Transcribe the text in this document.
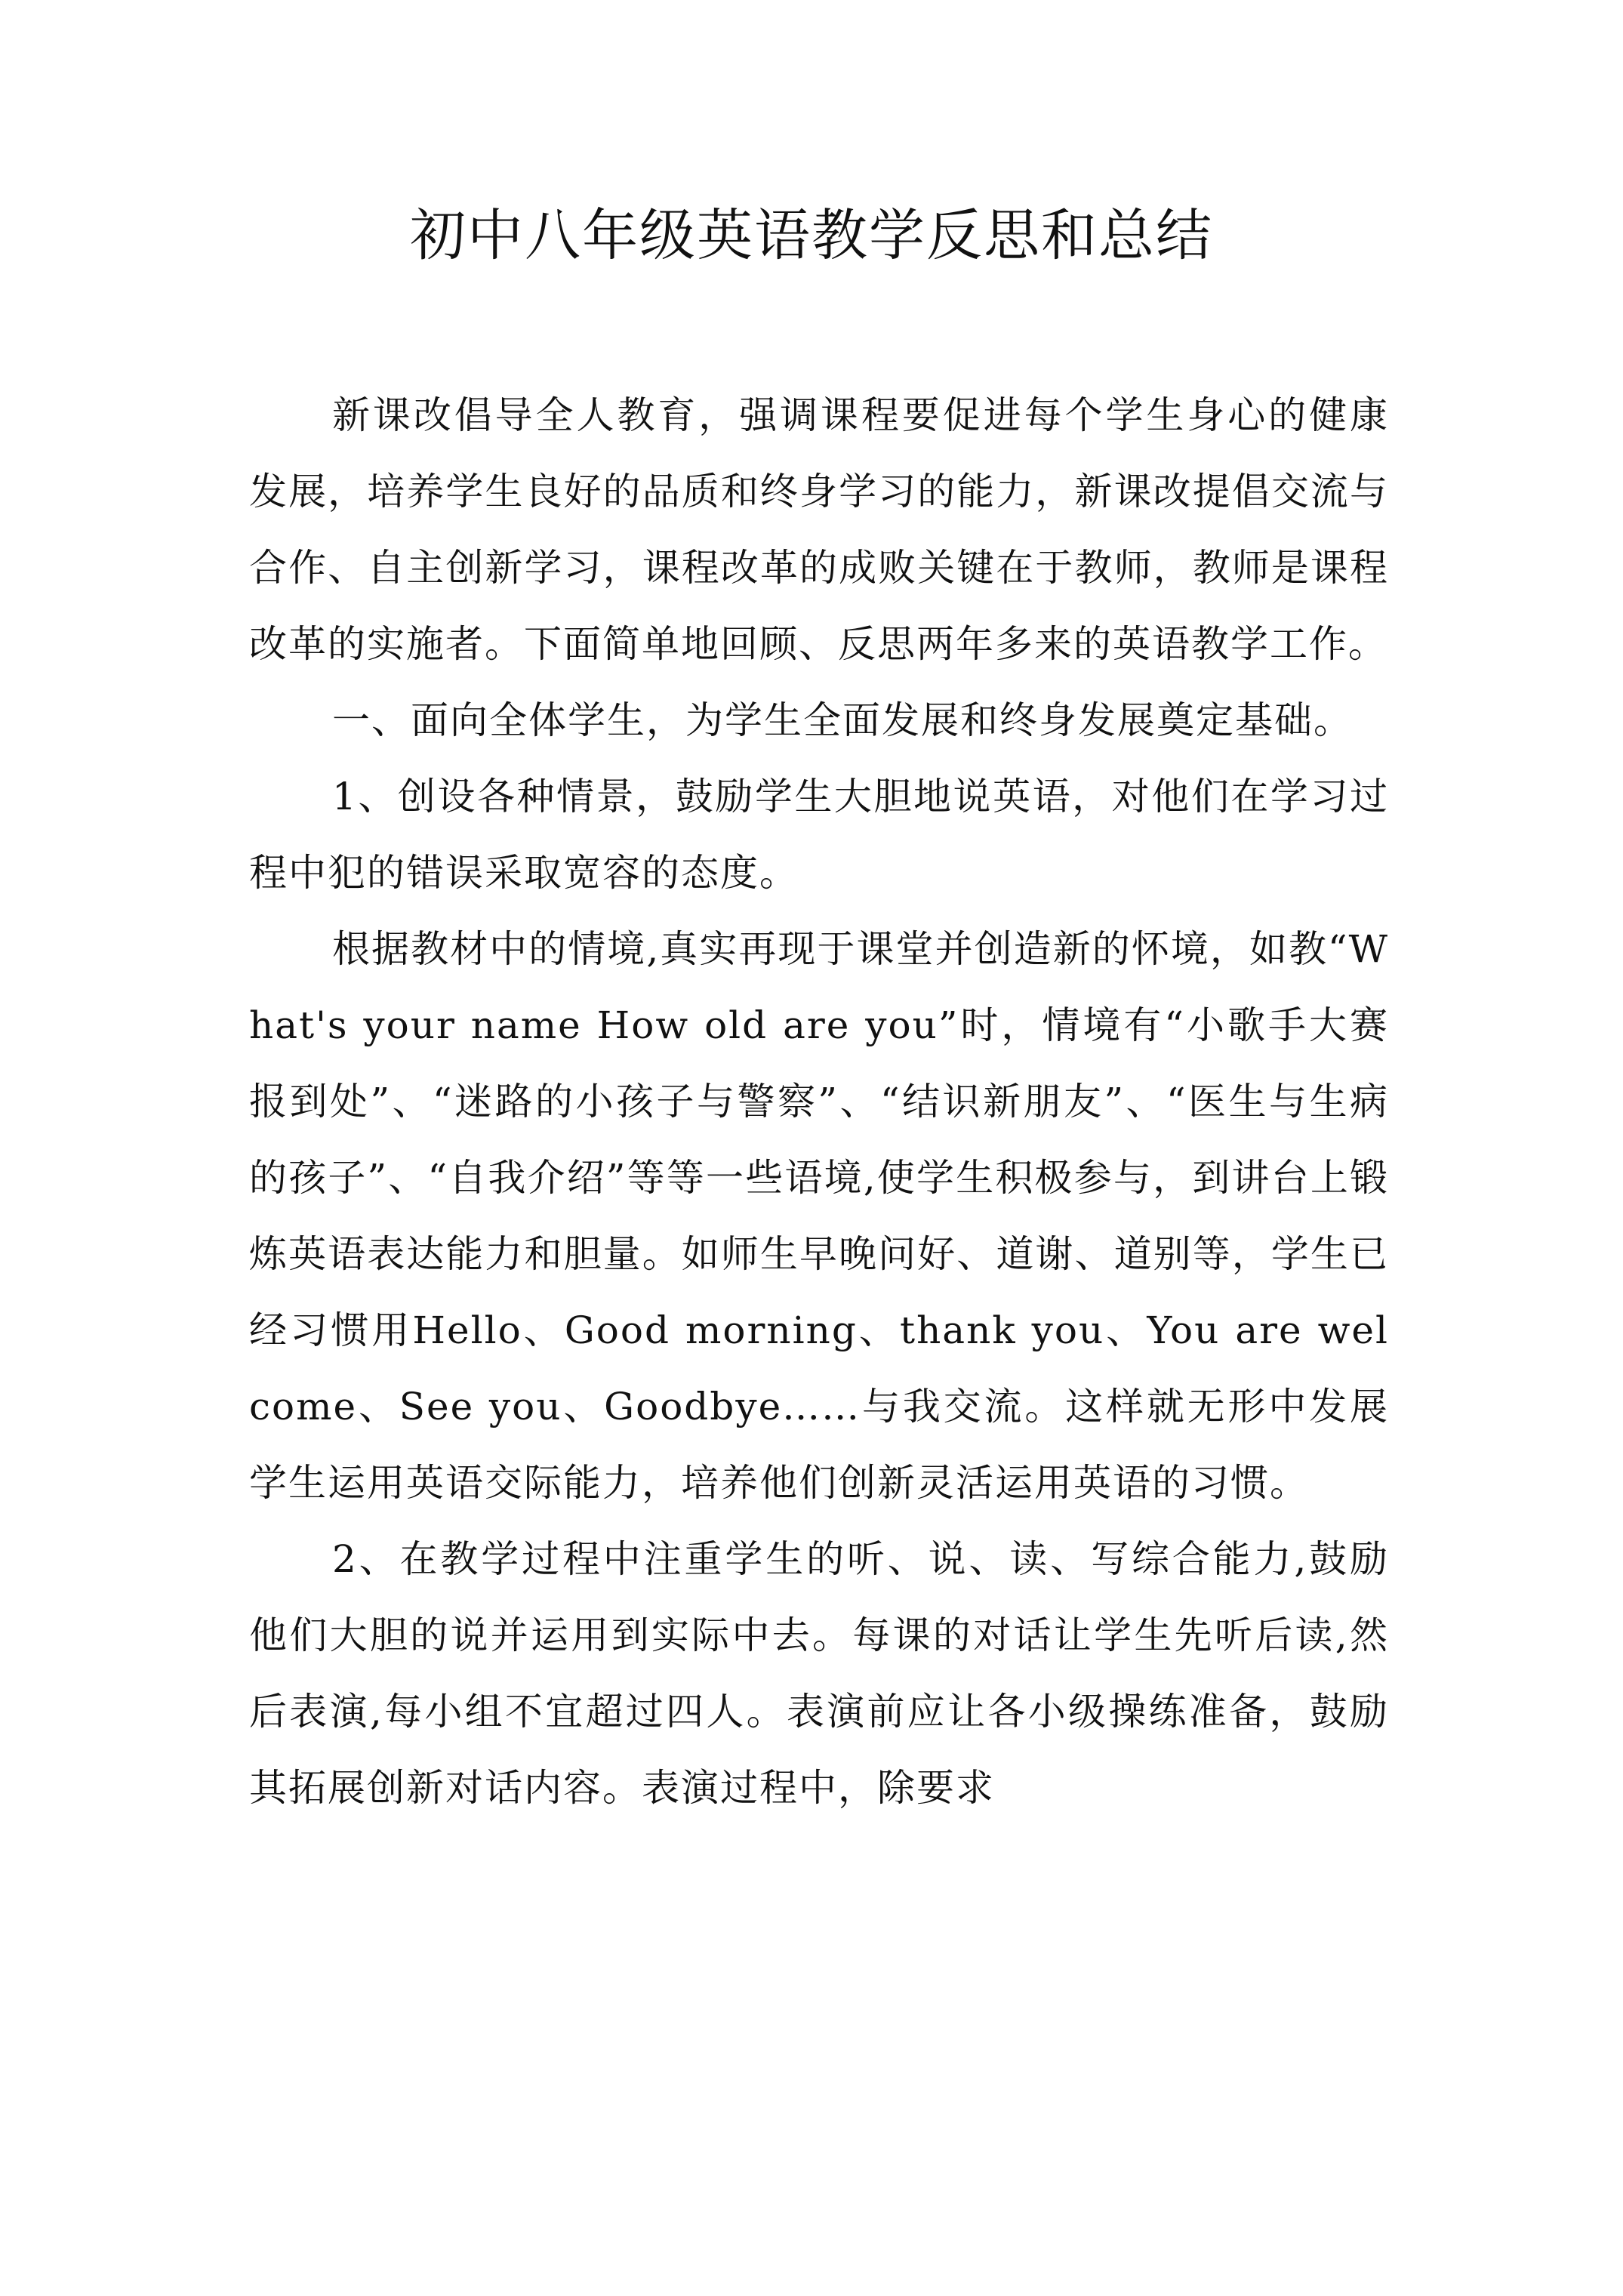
初中八年级英语教学反思和总结

新课改倡导全人教育，强调课程要促进每个学生身心的健康发展，培养学生良好的品质和终身学习的能力，新课改提倡交流与合作、自主创新学习，课程改革的成败关键在于教师，教师是课程改革的实施者。下面简单地回顾、反思两年多来的英语教学工作。

一、面向全体学生，为学生全面发展和终身发展奠定基础。

1、创设各种情景，鼓励学生大胆地说英语，对他们在学习过程中犯的错误采取宽容的态度。

根据教材中的情境,真实再现于课堂并创造新的怀境，如教“What's your name How old are you”时，情境有“小歌手大赛报到处”、“迷路的小孩子与警察”、“结识新朋友”、“医生与生病的孩子”、“自我介绍”等等一些语境,使学生积极参与，到讲台上锻炼英语表达能力和胆量。如师生早晚问好、道谢、道别等，学生已经习惯用Hello、Good morning、thank you、You are welcome、See you、Goodbye……与我交流。这样就无形中发展学生运用英语交际能力，培养他们创新灵活运用英语的习惯。

2、在教学过程中注重学生的听、说、读、写综合能力,鼓励他们大胆的说并运用到实际中去。每课的对话让学生先听后读,然后表演,每小组不宜超过四人。表演前应让各小级操练准备，鼓励其拓展创新对话内容。表演过程中，除要求
